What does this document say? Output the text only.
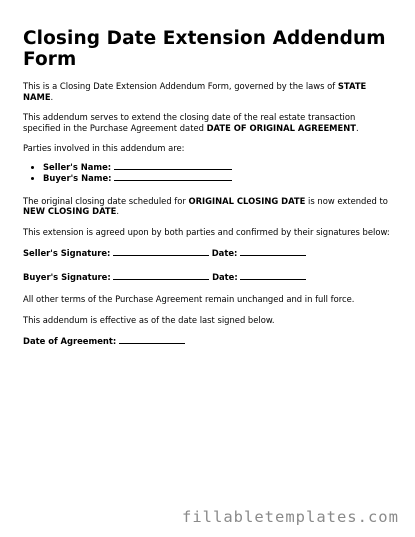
Closing Date Extension Addendum Form

This is a Closing Date Extension Addendum Form, governed by the laws of STATE NAME.

This addendum serves to extend the closing date of the real estate transaction specified in the Purchase Agreement dated DATE OF ORIGINAL AGREEMENT.

Parties involved in this addendum are:

• Seller's Name:
• Buyer's Name:

The original closing date scheduled for ORIGINAL CLOSING DATE is now extended to NEW CLOSING DATE.

This extension is agreed upon by both parties and confirmed by their signatures below:

Seller's Signature:	Date:
Buyer's Signature:	Date:

All other terms of the Purchase Agreement remain unchanged and in full force.

This addendum is effective as of the date last signed below.

Date of Agreement:
fillabletemplates.com
